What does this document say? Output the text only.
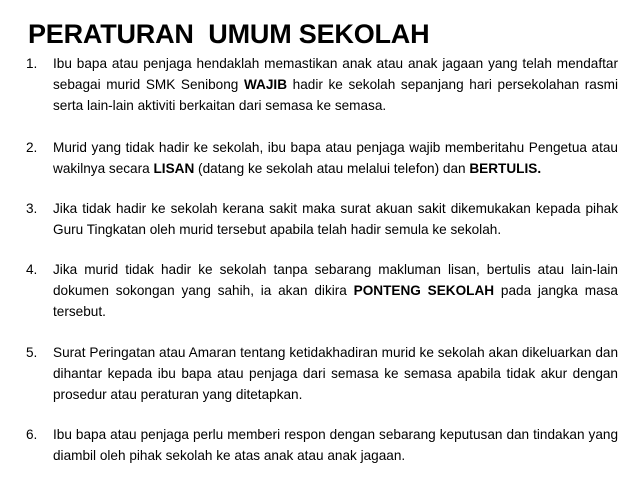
PERATURAN  UMUM SEKOLAH
1. Ibu bapa atau penjaga hendaklah memastikan anak atau anak jagaan yang telah mendaftar sebagai murid SMK Senibong WAJIB hadir ke sekolah sepanjang hari persekolahan rasmi serta lain-lain aktiviti berkaitan dari semasa ke semasa.
2. Murid yang tidak hadir ke sekolah, ibu bapa atau penjaga wajib memberitahu Pengetua atau wakilnya secara LISAN (datang ke sekolah atau melalui telefon) dan BERTULIS.
3. Jika tidak hadir ke sekolah kerana sakit maka surat akuan sakit dikemukakan kepada pihak Guru Tingkatan oleh murid tersebut apabila telah hadir semula ke sekolah.
4. Jika murid tidak hadir ke sekolah tanpa sebarang makluman lisan, bertulis atau lain-lain dokumen sokongan yang sahih, ia akan dikira PONTENG SEKOLAH pada jangka masa tersebut.
5. Surat Peringatan atau Amaran tentang ketidakhadiran murid ke sekolah akan dikeluarkan dan dihantar kepada ibu bapa atau penjaga dari semasa ke semasa apabila tidak akur dengan prosedur atau peraturan yang ditetapkan.
6. Ibu bapa atau penjaga perlu memberi respon dengan sebarang keputusan dan tindakan yang diambil oleh pihak sekolah ke atas anak atau anak jagaan.
